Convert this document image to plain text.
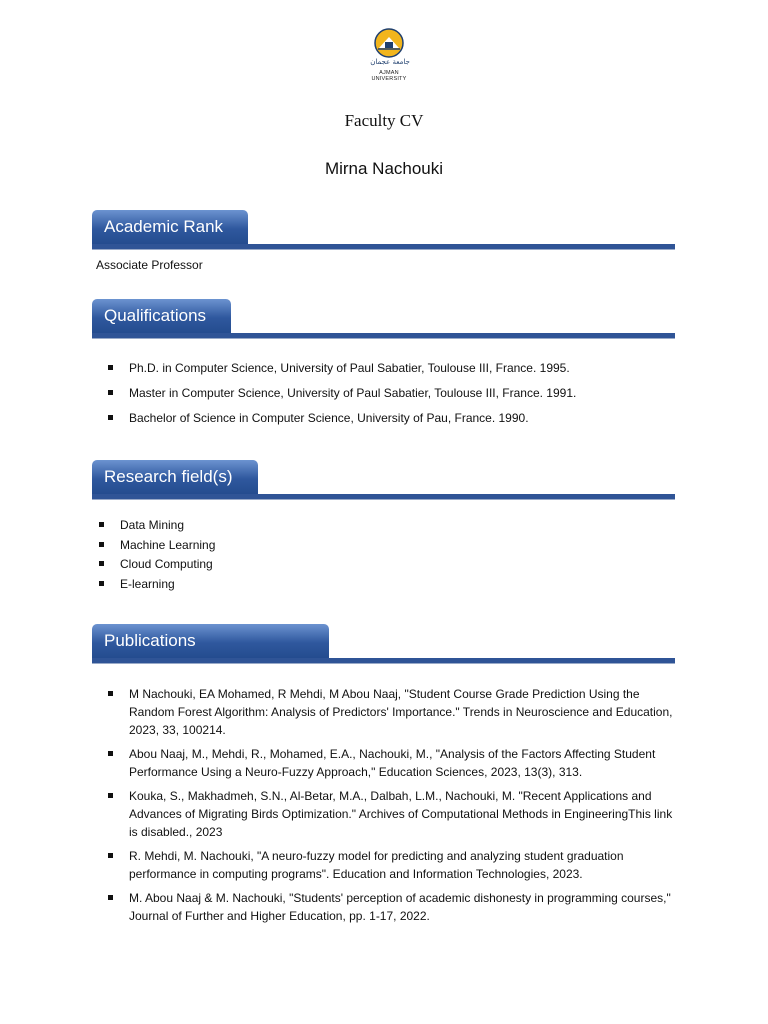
جامعة عجمان
AJMAN UNIVERSITY
Faculty CV
Mirna Nachouki
Academic Rank
Associate Professor
Qualifications
Ph.D. in Computer Science, University of Paul Sabatier, Toulouse III, France. 1995.
Master in Computer Science, University of Paul Sabatier, Toulouse III, France. 1991.
Bachelor of Science in Computer Science, University of Pau, France. 1990.
Research field(s)
Data Mining
Machine Learning
Cloud Computing
E-learning
Publications
M Nachouki, EA Mohamed, R Mehdi, M Abou Naaj, "Student Course Grade Prediction Using the Random Forest Algorithm: Analysis of Predictors' Importance." Trends in Neuroscience and Education, 2023, 33, 100214.
Abou Naaj, M., Mehdi, R., Mohamed, E.A., Nachouki, M., "Analysis of the Factors Affecting Student Performance Using a Neuro-Fuzzy Approach," Education Sciences, 2023, 13(3), 313.
Kouka, S., Makhadmeh, S.N., Al-Betar, M.A., Dalbah, L.M., Nachouki, M. "Recent Applications and Advances of Migrating Birds Optimization." Archives of Computational Methods in EngineeringThis link is disabled., 2023
R. Mehdi, M. Nachouki, "A neuro-fuzzy model for predicting and analyzing student graduation performance in computing programs". Education and Information Technologies, 2023.
M. Abou Naaj & M. Nachouki, "Students' perception of academic dishonesty in programming courses," Journal of Further and Higher Education, pp. 1-17, 2022.
